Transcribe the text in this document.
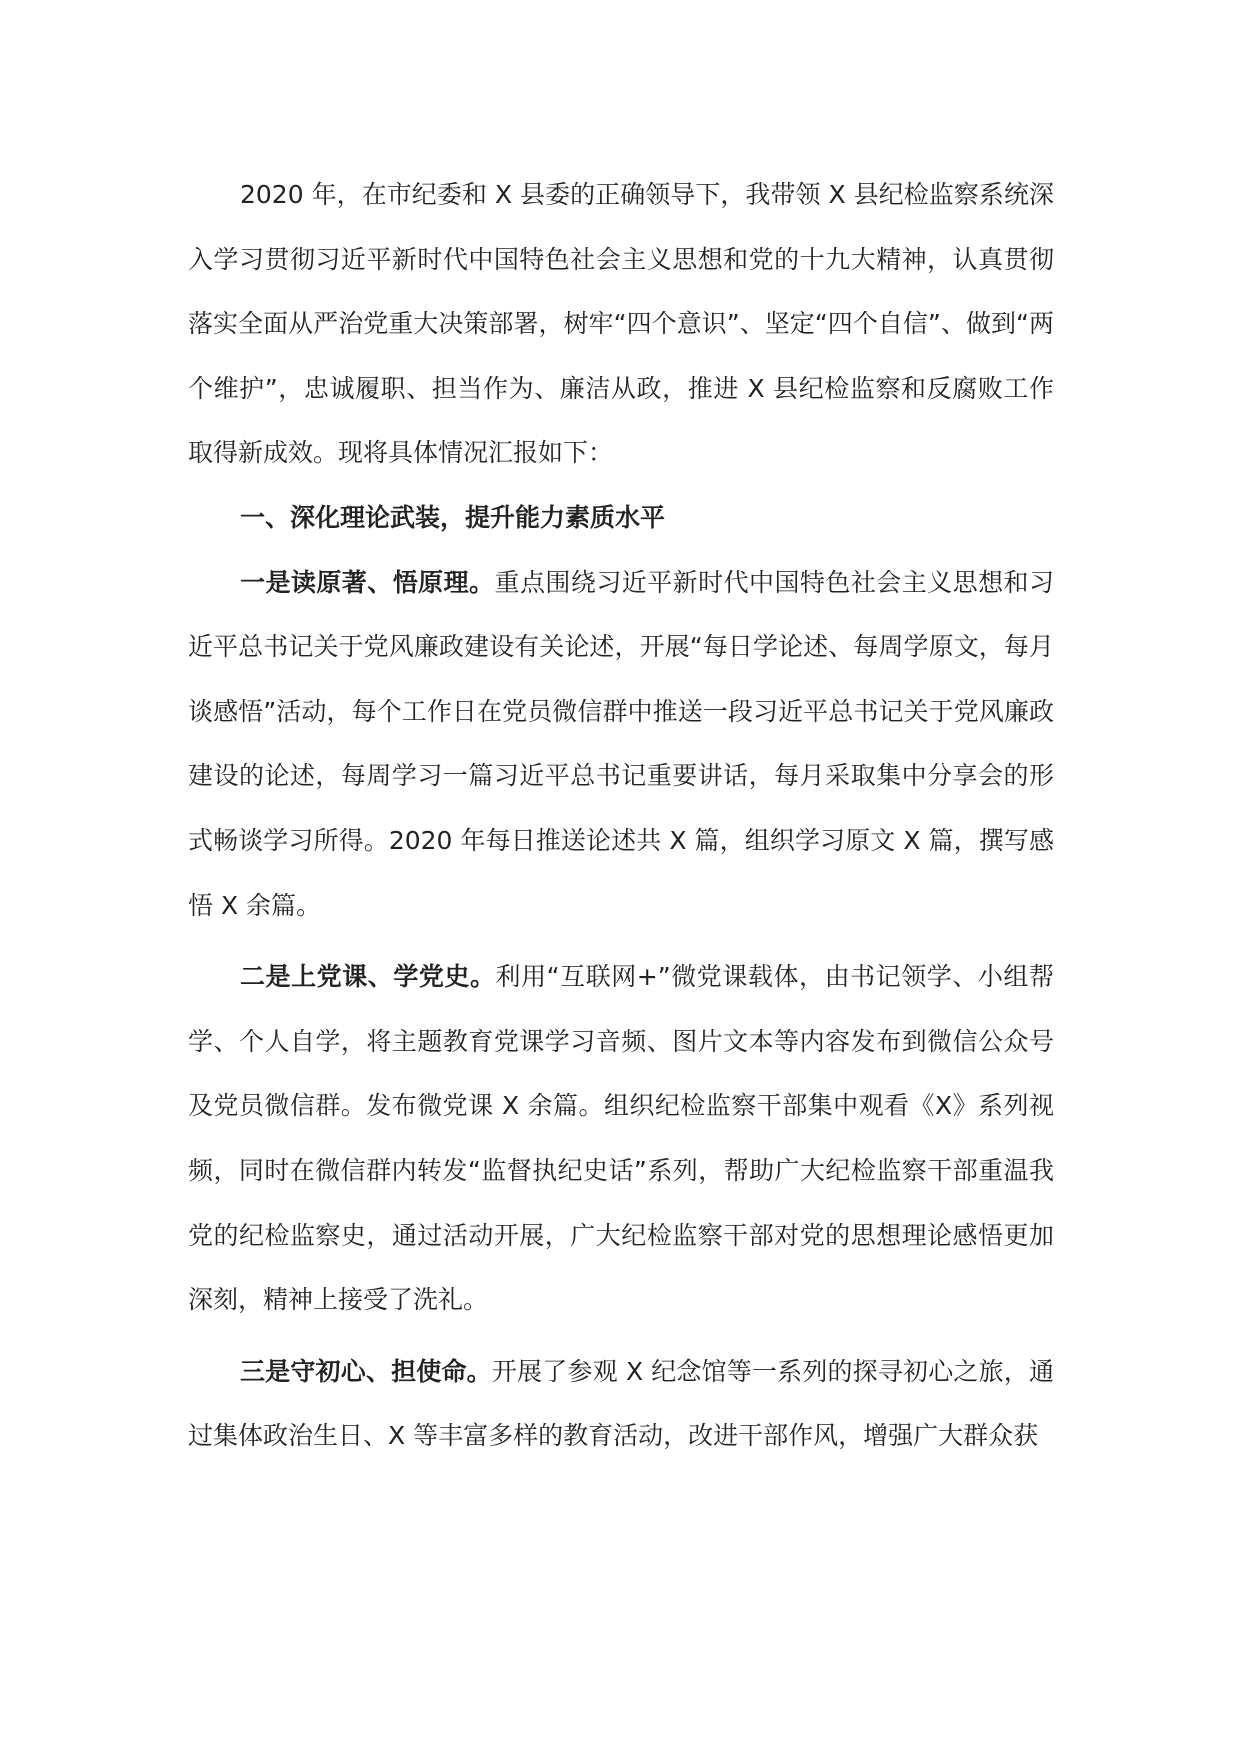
2020 年，在市纪委和 X 县委的正确领导下，我带领 X 县纪检监察系统深入学习贯彻习近平新时代中国特色社会主义思想和党的十九大精神，认真贯彻落实全面从严治党重大决策部署，树牢“四个意识”、坚定“四个自信”、做到“两个维护”，忠诚履职、担当作为、廉洁从政，推进 X 县纪检监察和反腐败工作取得新成效。现将具体情况汇报如下：

一、深化理论武装，提升能力素质水平

一是读原著、悟原理。重点围绕习近平新时代中国特色社会主义思想和习近平总书记关于党风廉政建设有关论述，开展“每日学论述、每周学原文，每月谈感悟”活动，每个工作日在党员微信群中推送一段习近平总书记关于党风廉政建设的论述，每周学习一篇习近平总书记重要讲话，每月采取集中分享会的形式畅谈学习所得。2020 年每日推送论述共 X 篇，组织学习原文 X 篇，撰写感悟 X 余篇。

二是上党课、学党史。利用“互联网+”微党课载体，由书记领学、小组帮学、个人自学，将主题教育党课学习音频、图片文本等内容发布到微信公众号及党员微信群。发布微党课 X 余篇。组织纪检监察干部集中观看《X》系列视频，同时在微信群内转发“监督执纪史话”系列，帮助广大纪检监察干部重温我党的纪检监察史，通过活动开展，广大纪检监察干部对党的思想理论感悟更加深刻，精神上接受了洗礼。

三是守初心、担使命。开展了参观 X 纪念馆等一系列的探寻初心之旅，通过集体政治生日、X 等丰富多样的教育活动，改进干部作风，增强广大群众获
